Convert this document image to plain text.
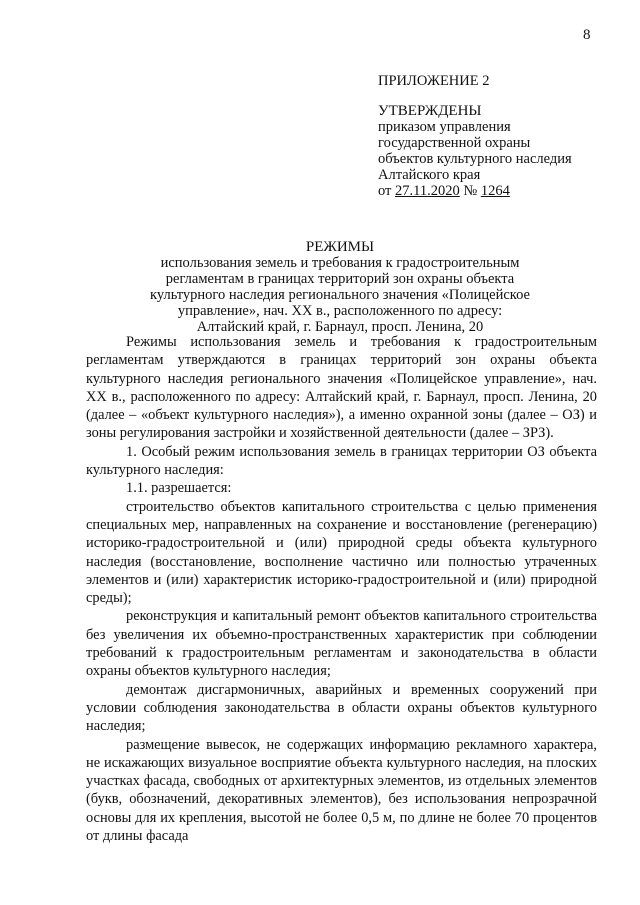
8
ПРИЛОЖЕНИЕ 2
УТВЕРЖДЕНЫ
приказом управления
государственной охраны
объектов культурного наследия
Алтайского края
от 27.11.2020 № 1264
РЕЖИМЫ
использования земель и требования к градостроительным
регламентам в границах территорий зон охраны объекта
культурного наследия регионального значения «Полицейское
управление», нач. XX в., расположенного по адресу:
Алтайский край, г. Барнаул, просп. Ленина, 20

Режимы использования земель и требования к градостроительным регламентам утверждаются в границах территорий зон охраны объекта культурного наследия регионального значения «Полицейское управление», нач. XX в., расположенного по адресу: Алтайский край, г. Барнаул, просп. Ленина, 20 (далее – «объект культурного наследия»), а именно охранной зоны (далее – ОЗ) и зоны регулирования застройки и хозяйственной деятельности (далее – ЗРЗ).

1. Особый режим использования земель в границах территории ОЗ объекта культурного наследия:

1.1. разрешается:

строительство объектов капитального строительства с целью применения специальных мер, направленных на сохранение и восстановление (регенерацию) историко-градостроительной и (или) природной среды объекта культурного наследия (восстановление, восполнение частично или полностью утраченных элементов и (или) характеристик историко-градостроительной и (или) природной среды);

реконструкция и капитальный ремонт объектов капитального строительства без увеличения их объемно-пространственных характеристик при соблюдении требований к градостроительным регламентам и законодательства в области охраны объектов культурного наследия;

демонтаж дисгармоничных, аварийных и временных сооружений при условии соблюдения законодательства в области охраны объектов культурного наследия;

размещение вывесок, не содержащих информацию рекламного характера, не искажающих визуальное восприятие объекта культурного наследия, на плоских участках фасада, свободных от архитектурных элементов, из отдельных элементов (букв, обозначений, декоративных элементов), без использования непрозрачной основы для их крепления, высотой не более 0,5 м, по длине не более 70 процентов от длины фасада
